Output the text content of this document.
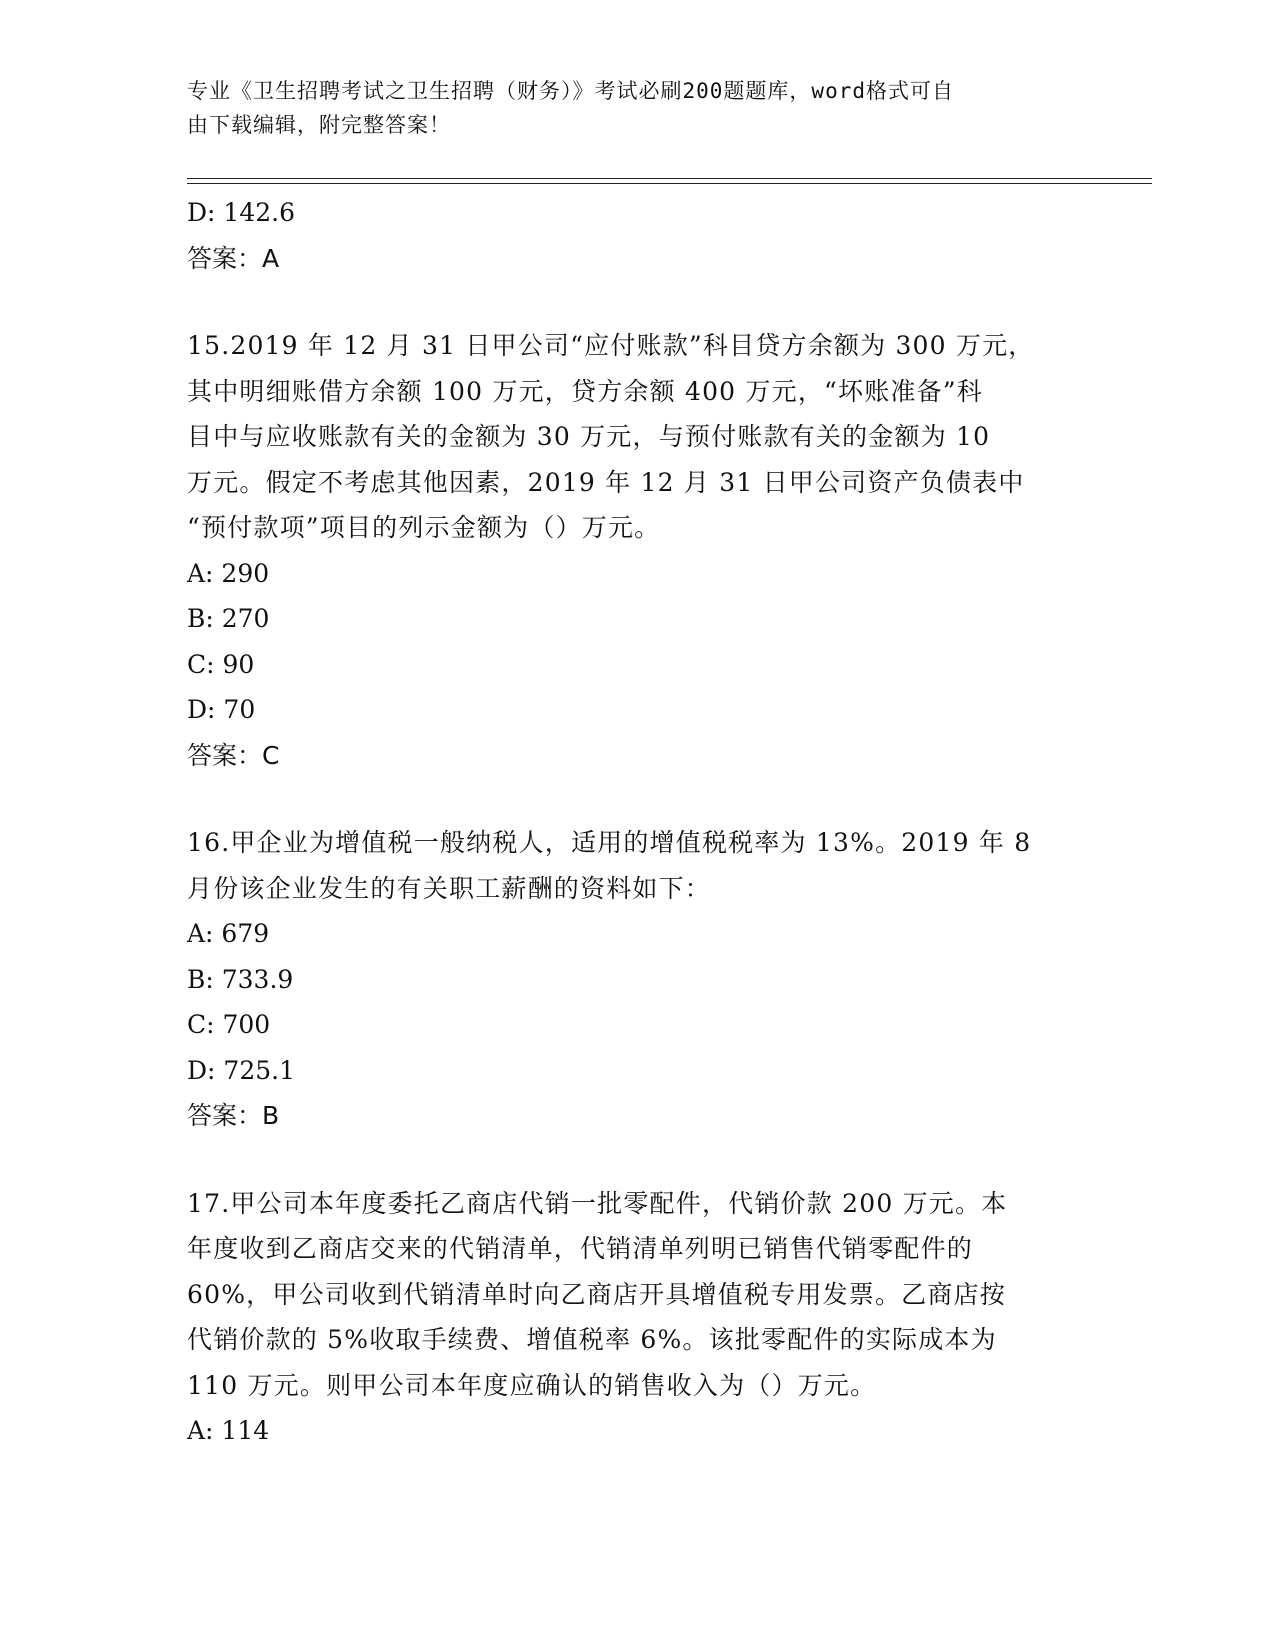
专业《卫生招聘考试之卫生招聘（财务）》考试必刷200题题库，word格式可自
由下载编辑，附完整答案！
D: 142.6
答案：A
15.2019 年 12 月 31 日甲公司“应付账款”科目贷方余额为 300 万元，
其中明细账借方余额 100 万元，贷方余额 400 万元，“坏账准备”科
目中与应收账款有关的金额为 30 万元，与预付账款有关的金额为 10
万元。假定不考虑其他因素，2019 年 12 月 31 日甲公司资产负债表中
“预付款项”项目的列示金额为（）万元。
A: 290
B: 270
C: 90
D: 70
答案：C
16.甲企业为增值税一般纳税人，适用的增值税税率为 13%。2019 年 8
月份该企业发生的有关职工薪酬的资料如下：
A: 679
B: 733.9
C: 700
D: 725.1
答案：B
17.甲公司本年度委托乙商店代销一批零配件，代销价款 200 万元。本
年度收到乙商店交来的代销清单，代销清单列明已销售代销零配件的
60%，甲公司收到代销清单时向乙商店开具增值税专用发票。乙商店按
代销价款的 5%收取手续费、增值税率 6%。该批零配件的实际成本为
110 万元。则甲公司本年度应确认的销售收入为（）万元。
A: 114
